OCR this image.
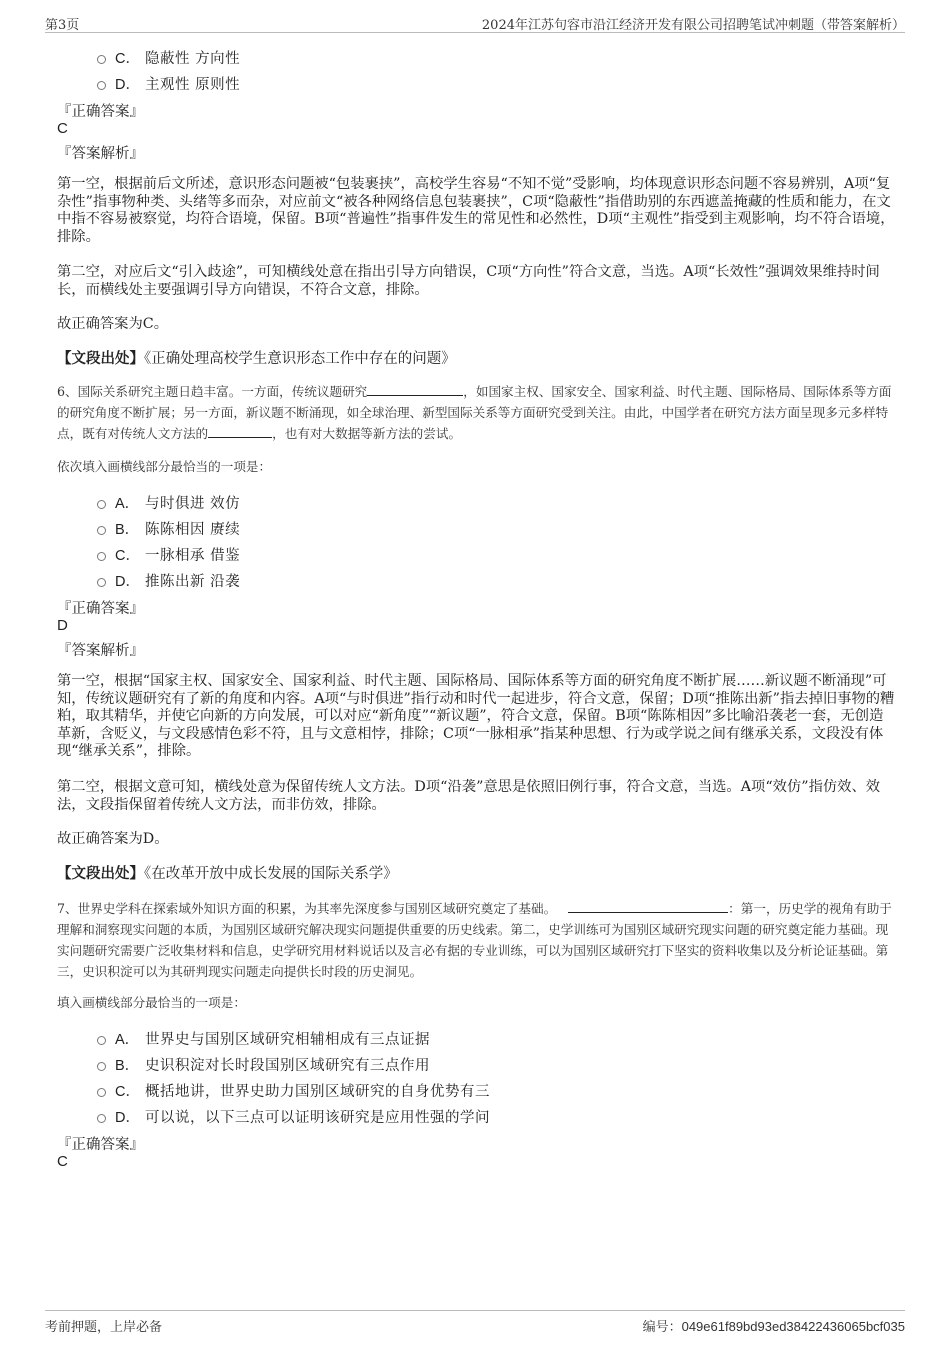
第3页	2024年江苏句容市沿江经济开发有限公司招聘笔试冲刺题（带答案解析）
C． 隐蔽性 方向性
D． 主观性 原则性
『正确答案』
C
『答案解析』
第一空，根据前后文所述，意识形态问题被“包装裹挟”，高校学生容易“不知不觉”受影响，均体现意识形态问题不容易辨别，A项“复杂性”指事物种类、头绪等多而杂，对应前文“被各种网络信息包装裹挟”，C项“隐蔽性”指借助别的东西遮盖掩藏的性质和能力，在文中指不容易被察觉，均符合语境，保留。B项“普遍性”指事件发生的常见性和必然性，D项“主观性”指受到主观影响，均不符合语境，排除。
第二空，对应后文“引入歧途”，可知横线处意在指出引导方向错误，C项“方向性”符合文意，当选。A项“长效性”强调效果维持时间长，而横线处主要强调引导方向错误，不符合文意，排除。
故正确答案为C。
【文段出处】《正确处理高校学生意识形态工作中存在的问题》
6、国际关系研究主题日趋丰富。一方面，传统议题研究	，如国家主权、国家安全、国家利益、时代主题、国际格局、国际体系等方面的研究角度不断扩展；另一方面，新议题不断涌现，如全球治理、新型国际关系等方面研究受到关注。由此，中国学者在研究方法方面呈现多元多样特点，既有对传统人文方法的	，也有对大数据等新方法的尝试。
依次填入画横线部分最恰当的一项是：
A． 与时俱进 效仿
B． 陈陈相因 赓续
C． 一脉相承 借鉴
D． 推陈出新 沿袭
『正确答案』
D
『答案解析』
第一空，根据“国家主权、国家安全、国家利益、时代主题、国际格局、国际体系等方面的研究角度不断扩展……新议题不断涌现”可知，传统议题研究有了新的角度和内容。A项“与时俱进”指行动和时代一起进步，符合文意，保留；D项“推陈出新”指去掉旧事物的糟粕，取其精华，并使它向新的方向发展，可以对应“新角度”“新议题”，符合文意，保留。B项“陈陈相因”多比喻沿袭老一套，无创造革新，含贬义，与文段感情色彩不符，且与文意相悖，排除；C项“一脉相承”指某种思想、行为或学说之间有继承关系，文段没有体现“继承关系”，排除。
第二空，根据文意可知，横线处意为保留传统人文方法。D项“沿袭”意思是依照旧例行事，符合文意，当选。A项“效仿”指仿效、效法，文段指保留着传统人文方法，而非仿效，排除。
故正确答案为D。
【文段出处】《在改革开放中成长发展的国际关系学》
7、世界史学科在探索域外知识方面的积累，为其率先深度参与国别区域研究奠定了基础。	：第一，历史学的视角有助于理解和洞察现实问题的本质，为国别区域研究解决现实问题提供重要的历史线索。第二，史学训练可为国别区域研究现实问题的研究奠定能力基础。现实问题研究需要广泛收集材料和信息，史学研究用材料说话以及言必有据的专业训练，可以为国别区域研究打下坚实的资料收集以及分析论证基础。第三，史识积淀可以为其研判现实问题走向提供长时段的历史洞见。
填入画横线部分最恰当的一项是：
A． 世界史与国别区域研究相辅相成有三点证据
B． 史识积淀对长时段国别区域研究有三点作用
C． 概括地讲，世界史助力国别区域研究的自身优势有三
D． 可以说，以下三点可以证明该研究是应用性强的学问
『正确答案』
C
考前押题，上岸必备	编号：049e61f89bd93ed38422436065bcf035
